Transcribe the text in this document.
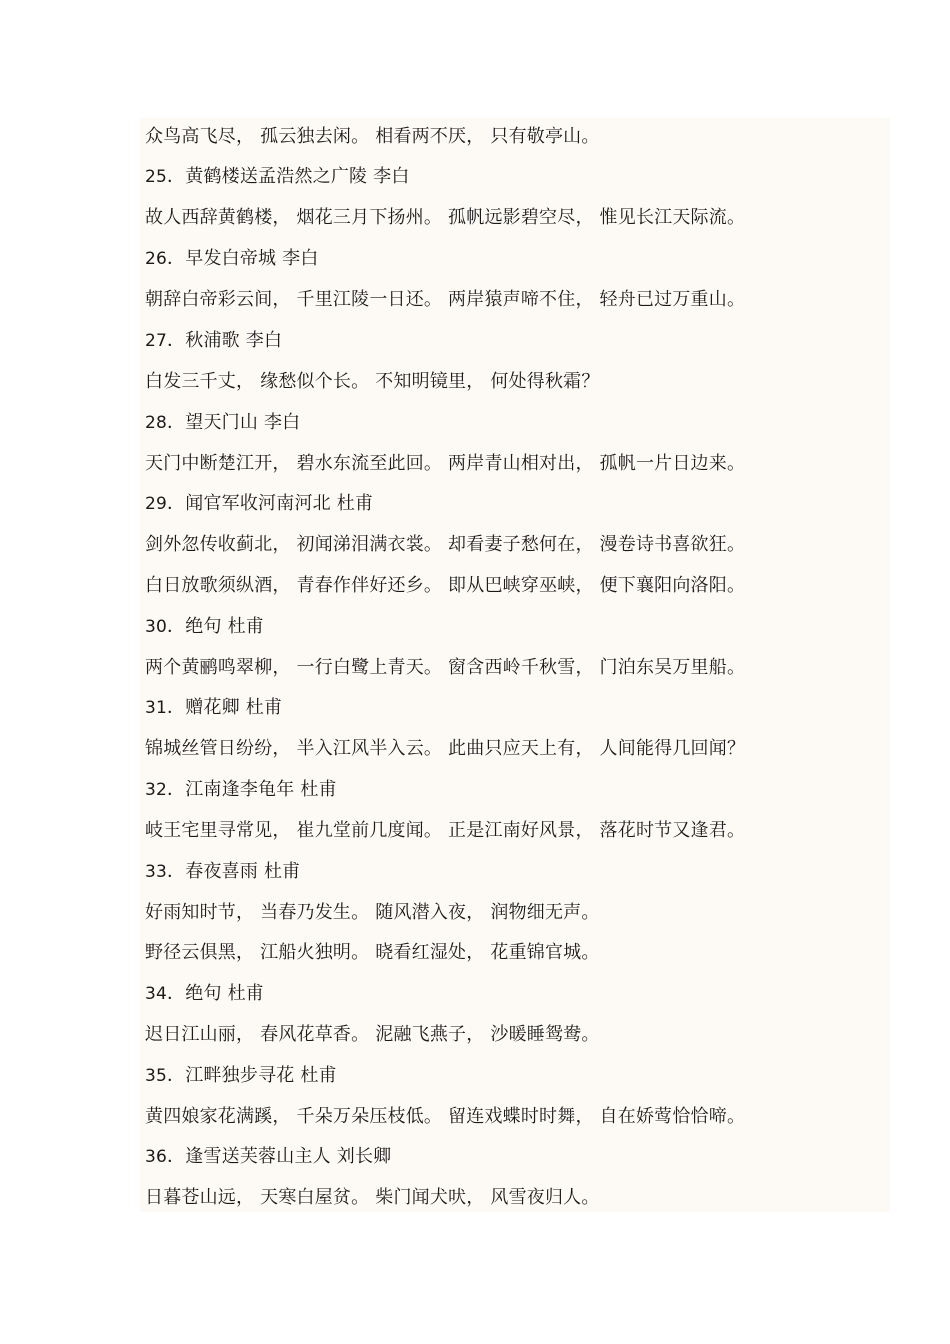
众鸟高飞尽， 孤云独去闲。 相看两不厌， 只有敬亭山。
25．黄鹤楼送孟浩然之广陵 李白
故人西辞黄鹤楼， 烟花三月下扬州。 孤帆远影碧空尽， 惟见长江天际流。
26．早发白帝城 李白
朝辞白帝彩云间， 千里江陵一日还。 两岸猿声啼不住， 轻舟已过万重山。
27．秋浦歌 李白
白发三千丈， 缘愁似个长。 不知明镜里， 何处得秋霜？
28．望天门山 李白
天门中断楚江开， 碧水东流至此回。 两岸青山相对出， 孤帆一片日边来。
29．闻官军收河南河北 杜甫
剑外忽传收蓟北， 初闻涕泪满衣裳。 却看妻子愁何在， 漫卷诗书喜欲狂。
白日放歌须纵酒， 青春作伴好还乡。 即从巴峡穿巫峡， 便下襄阳向洛阳。
30．绝句 杜甫
两个黄鹂鸣翠柳， 一行白鹭上青天。 窗含西岭千秋雪， 门泊东吴万里船。
31．赠花卿 杜甫
锦城丝管日纷纷， 半入江风半入云。 此曲只应天上有， 人间能得几回闻？
32．江南逢李龟年 杜甫
岐王宅里寻常见， 崔九堂前几度闻。 正是江南好风景， 落花时节又逢君。
33．春夜喜雨 杜甫
好雨知时节， 当春乃发生。 随风潜入夜， 润物细无声。
野径云俱黑， 江船火独明。 晓看红湿处， 花重锦官城。
34．绝句 杜甫
迟日江山丽， 春风花草香。 泥融飞燕子， 沙暖睡鸳鸯。
35．江畔独步寻花 杜甫
黄四娘家花满蹊， 千朵万朵压枝低。 留连戏蝶时时舞， 自在娇莺恰恰啼。
36．逢雪送芙蓉山主人 刘长卿
日暮苍山远， 天寒白屋贫。 柴门闻犬吠， 风雪夜归人。
